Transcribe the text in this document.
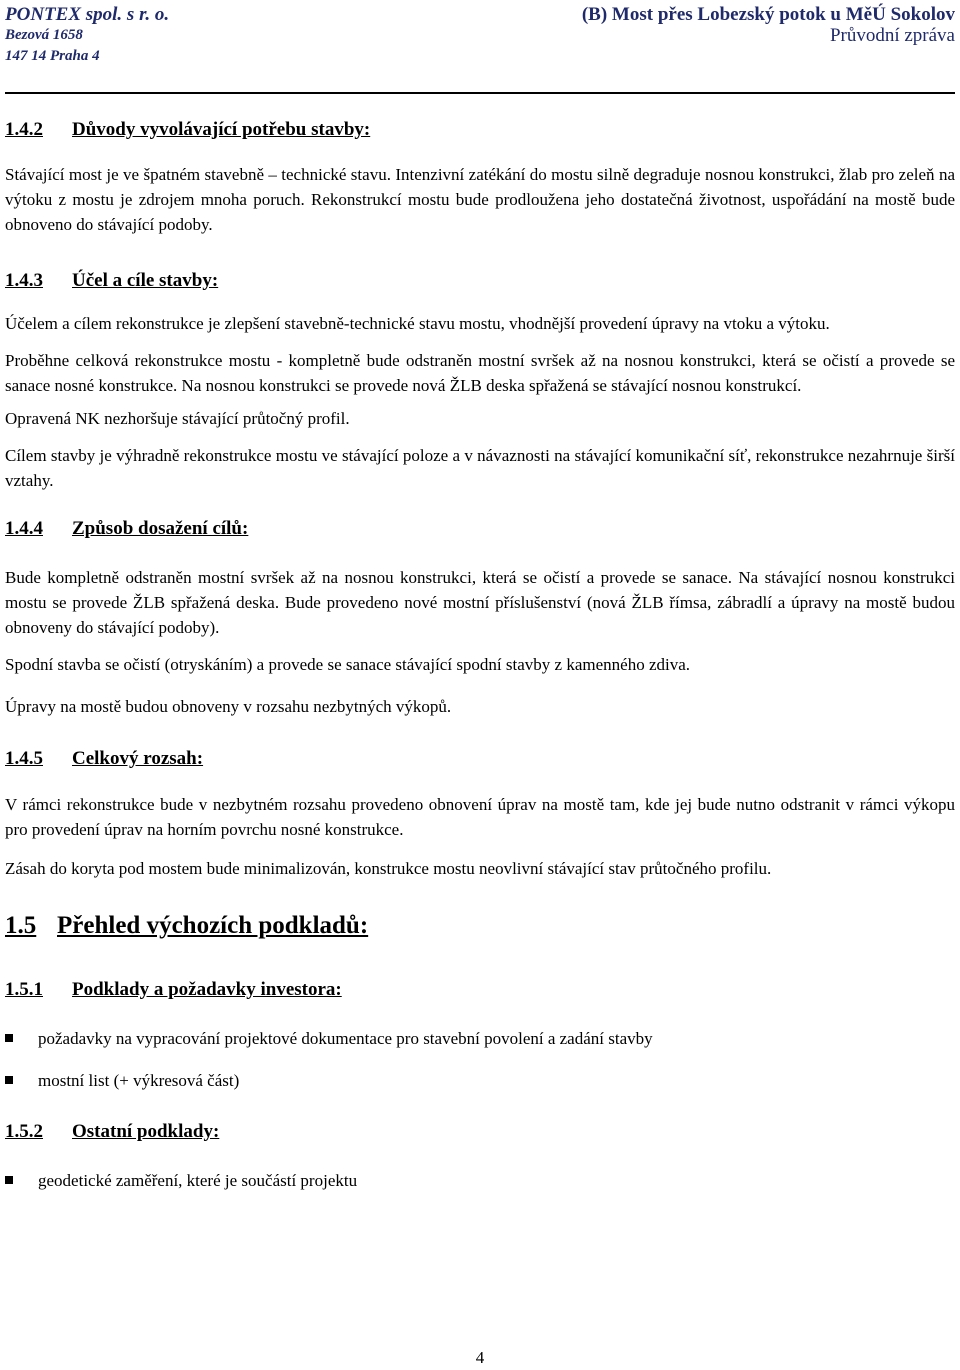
PONTEX spol. s r. o.
Bezová 1658
147 14 Praha 4
(B) Most přes Lobezský potok u MěÚ Sokolov
Průvodní zpráva
1.4.2 Důvody vyvolávající potřebu stavby:

Stávající most je ve špatném stavebně – technické stavu. Intenzivní zatékání do mostu silně degraduje nosnou konstrukci, žlab pro zeleň na výtoku z mostu je zdrojem mnoha poruch. Rekonstrukcí mostu bude prodloužena jeho dostatečná životnost, uspořádání na mostě bude obnoveno do stávající podoby.

1.4.3 Účel a cíle stavby:

Účelem a cílem rekonstrukce je zlepšení stavebně-technické stavu mostu, vhodnější provedení úpravy na vtoku a výtoku.

Proběhne celková rekonstrukce mostu - kompletně bude odstraněn mostní svršek až na nosnou konstrukci, která se očistí a provede se sanace nosné konstrukce. Na nosnou konstrukci se provede nová ŽLB deska spřažená se stávající nosnou konstrukcí.

Opravená NK nezhoršuje stávající průtočný profil.

Cílem stavby je výhradně rekonstrukce mostu ve stávající poloze a v návaznosti na stávající komunikační síť, rekonstrukce nezahrnuje širší vztahy.

1.4.4 Způsob dosažení cílů:

Bude kompletně odstraněn mostní svršek až na nosnou konstrukci, která se očistí a provede se sanace. Na stávající nosnou konstrukci mostu se provede ŽLB spřažená deska. Bude provedeno nové mostní příslušenství (nová ŽLB římsa, zábradlí a úpravy na mostě budou obnoveny do stávající podoby).

Spodní stavba se očistí (otryskáním) a provede se sanace stávající spodní stavby z kamenného zdiva.

Úpravy na mostě budou obnoveny v rozsahu nezbytných výkopů.

1.4.5 Celkový rozsah:

V rámci rekonstrukce bude v nezbytném rozsahu provedeno obnovení úprav na mostě tam, kde jej bude nutno odstranit v rámci výkopu pro provedení úprav na horním povrchu nosné konstrukce.

Zásah do koryta pod mostem bude minimalizován, konstrukce mostu neovlivní stávající stav průtočného profilu.

1.5 Přehled výchozích podkladů:
1.5.1 Podklady a požadavky investora:
požadavky na vypracování projektové dokumentace pro stavební povolení a zadání stavby
mostní list (+ výkresová část)
1.5.2 Ostatní podklady:
geodetické zaměření, které je součástí projektu
4
